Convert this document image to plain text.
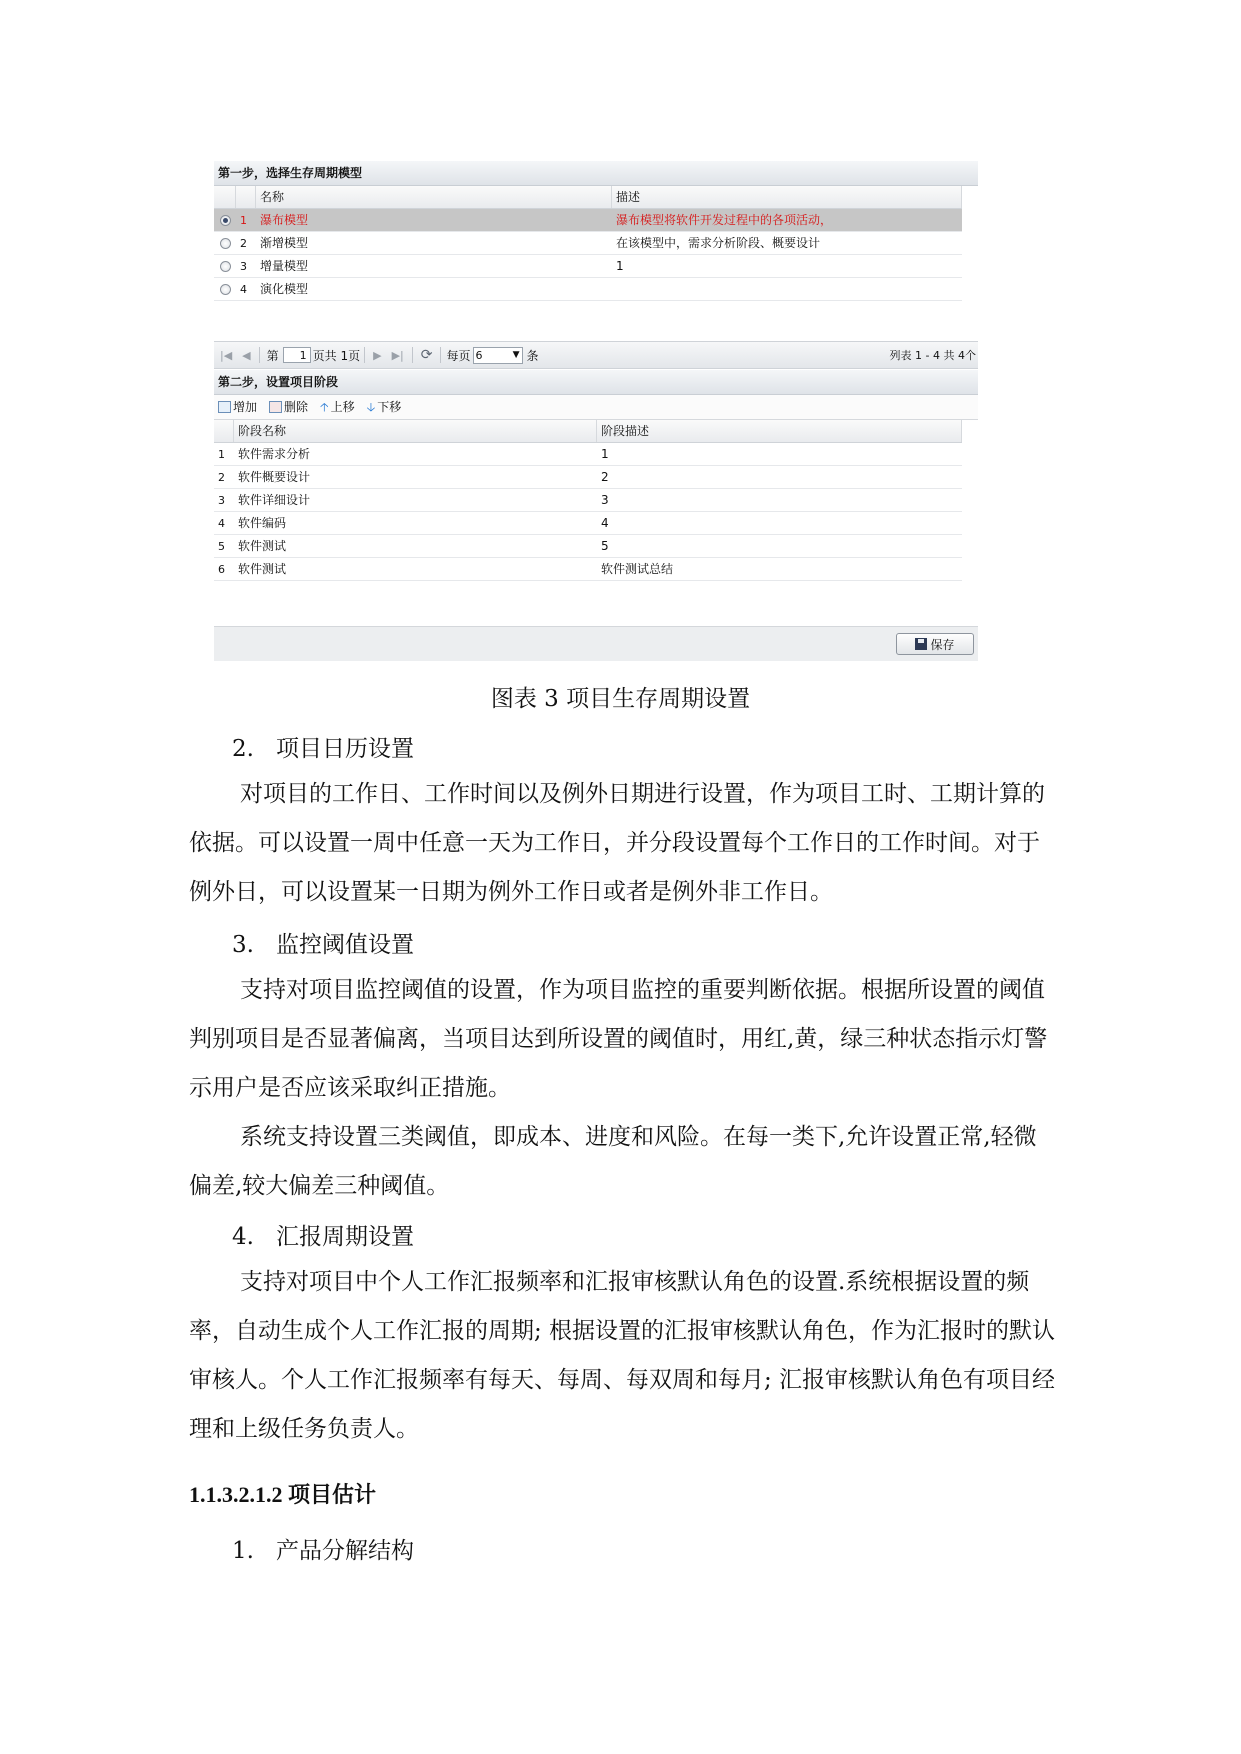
第一步，选择生存周期模型
名称	描述
1	瀑布模型	瀑布模型将软件开发过程中的各项活动，
2	渐增模型	在该模型中，需求分析阶段、概要设计
3	增量模型	1
4	演化模型
|◀ ◀ 第	1 页共 1页 ▶ ▶| ⟳ 每页 6	▼ 条	列表 1 - 4 共 4个
第二步，设置项目阶段
增加 删除 🡡 上移 🡣 下移
阶段名称	阶段描述
1	软件需求分析	1
2	软件概要设计	2
3	软件详细设计	3
4	软件编码	4
5	软件测试	5
6	软件测试	软件测试总结
保存
图表 3 项目生存周期设置
2. 项目日历设置
对项目的工作日、工作时间以及例外日期进行设置，作为项目工时、工期计算的依据。可以设置一周中任意一天为工作日，并分段设置每个工作日的工作时间。对于例外日，可以设置某一日期为例外工作日或者是例外非工作日。
3. 监控阈值设置
支持对项目监控阈值的设置，作为项目监控的重要判断依据。根据所设置的阈值判别项目是否显著偏离，当项目达到所设置的阈值时，用红,黄，绿三种状态指示灯警示用户是否应该采取纠正措施。
系统支持设置三类阈值，即成本、进度和风险。在每一类下,允许设置正常,轻微偏差,较大偏差三种阈值。
4. 汇报周期设置
支持对项目中个人工作汇报频率和汇报审核默认角色的设置.系统根据设置的频率，自动生成个人工作汇报的周期; 根据设置的汇报审核默认角色，作为汇报时的默认审核人。个人工作汇报频率有每天、每周、每双周和每月; 汇报审核默认角色有项目经理和上级任务负责人。
1.1.3.2.1.2 项目估计
1. 产品分解结构
